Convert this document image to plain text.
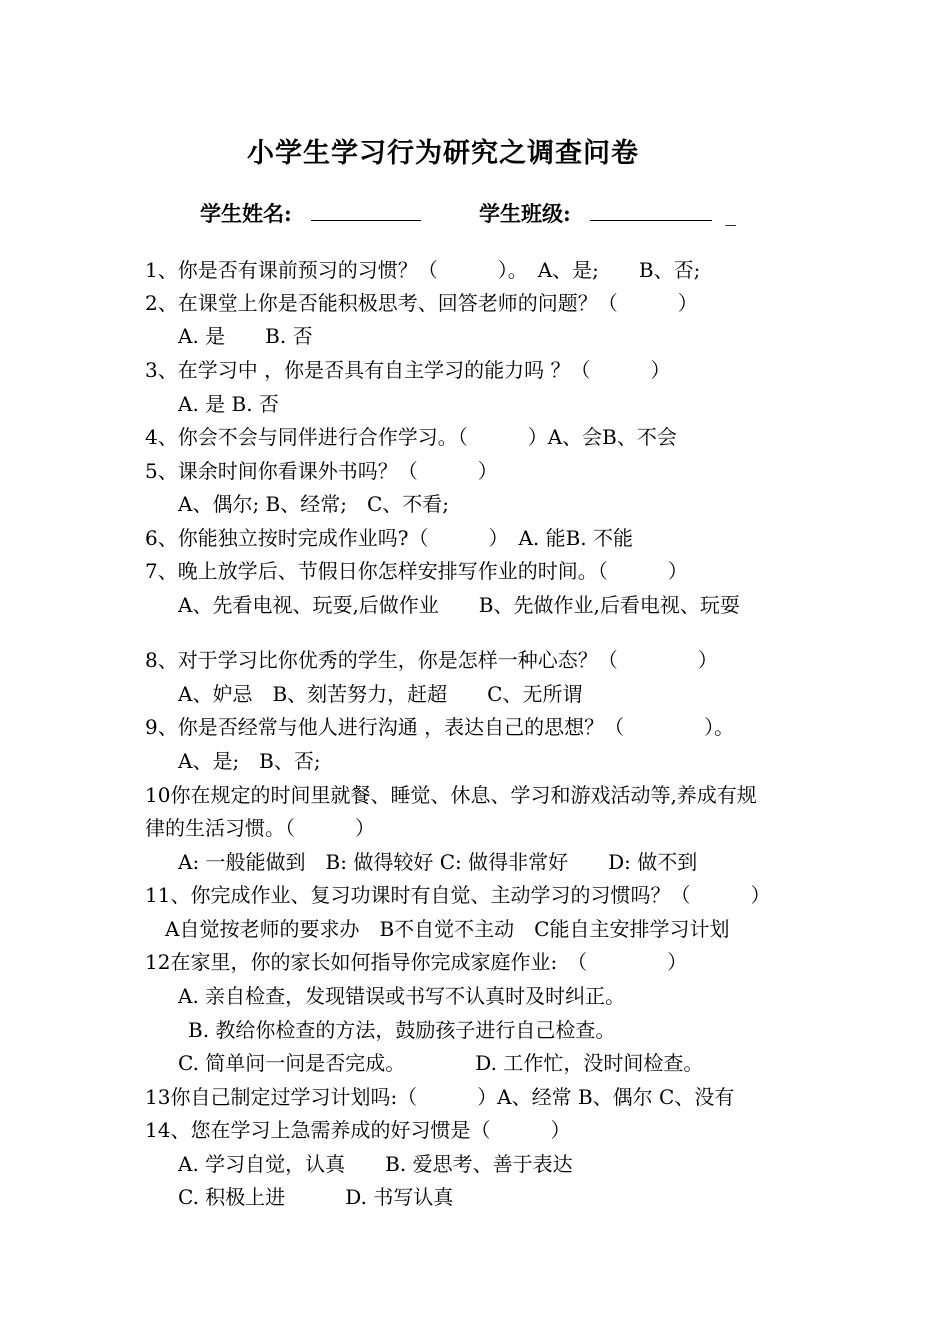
小学生学习行为研究之调查问卷
学生姓名:	学生班级:	_
1、你是否有课前预习的习惯？（　　　）。　A、是;　　B、否;
2、在课堂上你是否能积极思考、回答老师的问题？（　　　）
A. 是　　B. 否
3、在学习中 ，你是否具有自主学习的能力吗 ？（　　　）
A. 是 B. 否
4、你会不会与同伴进行合作学习。（　　　）A、会B、不会
5、课余时间你看课外书吗？（　　　）
A、偶尔; B、经常;　C、不看;
6、你能独立按时完成作业吗?（　　　）　A. 能B. 不能
7、晚上放学后、节假日你怎样安排写作业的时间。（　　　）
A、先看电视、玩耍,后做作业　　B、先做作业,后看电视、玩耍
8、对于学习比你优秀的学生，你是怎样一种心态？（　　　　）
A、妒忌　B、刻苦努力，赶超　　C、无所谓
9、你是否经常与他人进行沟通 ，表达自己的思想？（　　　　）。
A、是;　B、否;
10你在规定的时间里就餐、睡觉、休息、学习和游戏活动等,养成有规
律的生活习惯。（　　　）
A: 一般能做到　B: 做得较好 C: 做得非常好　　D: 做不到
11、你完成作业、复习功课时有自觉、主动学习的习惯吗？（　　　）
A自觉按老师的要求办　B不自觉不主动　C能自主安排学习计划
12在家里，你的家长如何指导你完成家庭作业:　（　　　　）
A. 亲自检查，发现错误或书写不认真时及时纠正。
B. 教给你检查的方法，鼓励孩子进行自己检查。
C. 简单问一问是否完成。　　　　D. 工作忙，没时间检查。
13你自己制定过学习计划吗:（　　　）A、经常 B、偶尔 C、没有
14、您在学习上急需养成的好习惯是（　　　）
A. 学习自觉，认真　　B. 爱思考、善于表达
C. 积极上进　　　D. 书写认真
